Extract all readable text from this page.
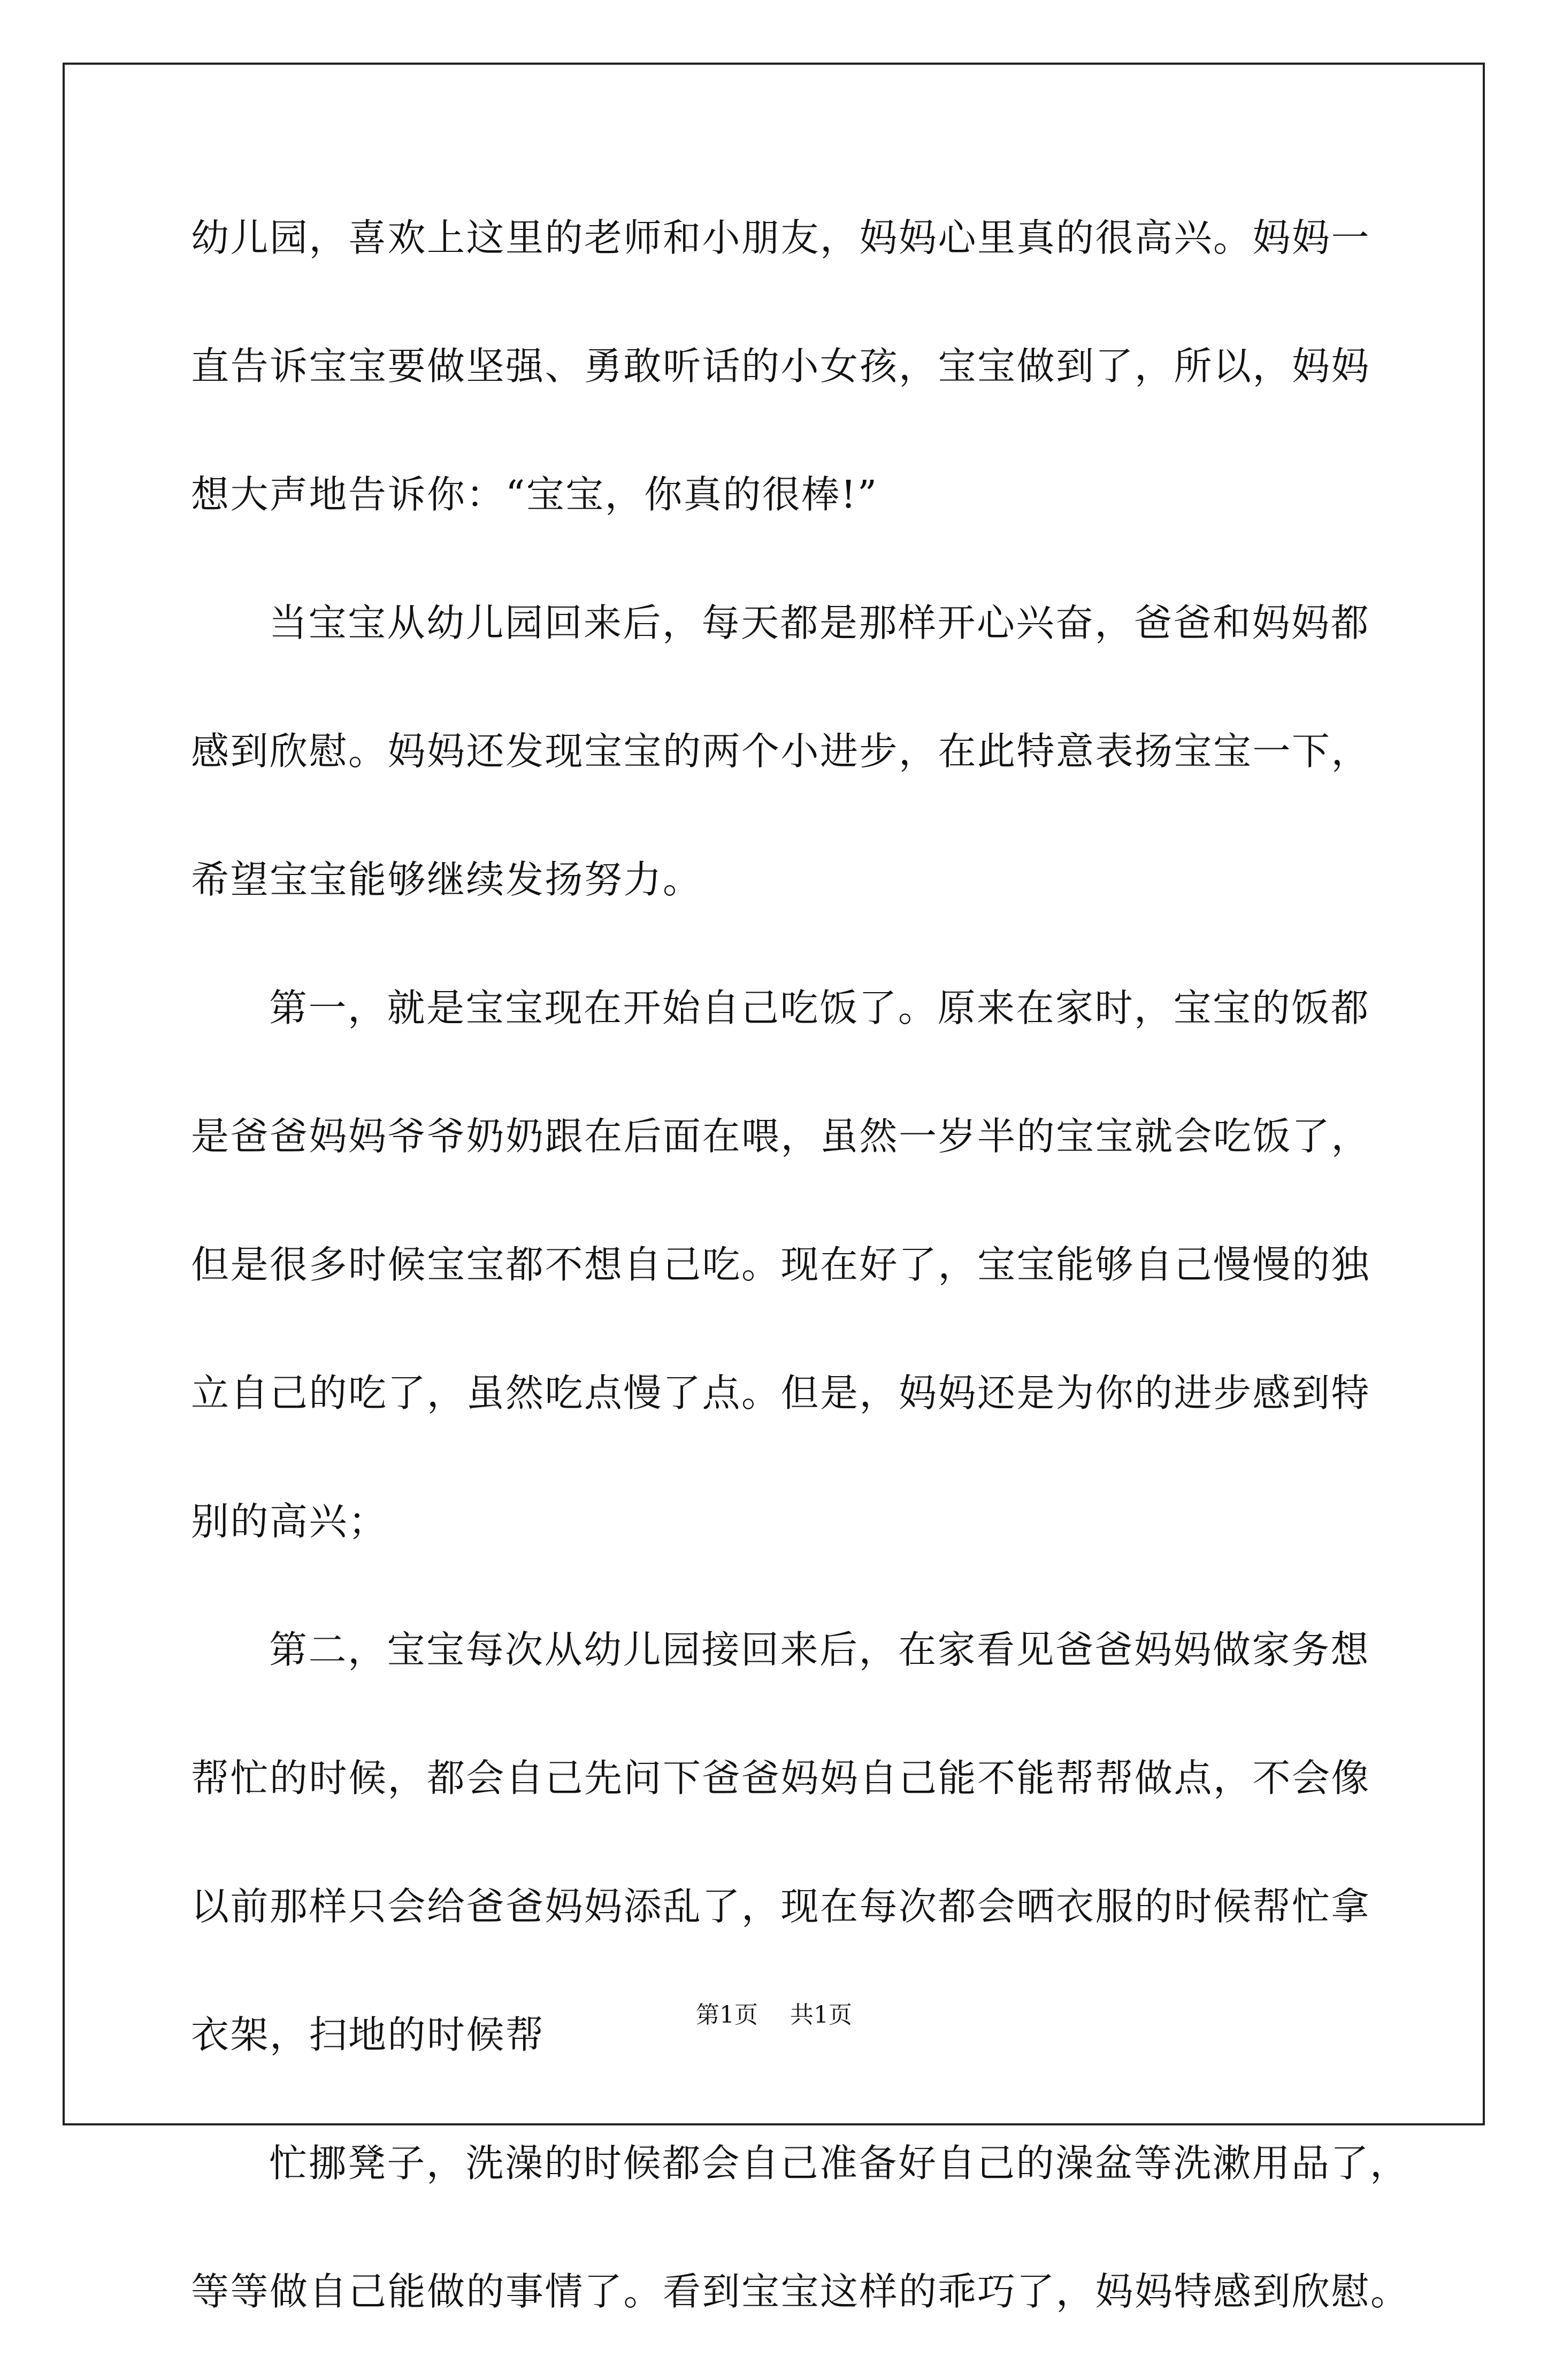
幼儿园，喜欢上这里的老师和小朋友，妈妈心里真的很高兴。妈妈一
直告诉宝宝要做坚强、勇敢听话的小女孩，宝宝做到了，所以，妈妈
想大声地告诉你：“宝宝，你真的很棒!”
当宝宝从幼儿园回来后，每天都是那样开心兴奋，爸爸和妈妈都
感到欣慰。妈妈还发现宝宝的两个小进步，在此特意表扬宝宝一下，
希望宝宝能够继续发扬努力。
第一，就是宝宝现在开始自己吃饭了。原来在家时，宝宝的饭都
是爸爸妈妈爷爷奶奶跟在后面在喂，虽然一岁半的宝宝就会吃饭了，
但是很多时候宝宝都不想自己吃。现在好了，宝宝能够自己慢慢的独
立自己的吃了，虽然吃点慢了点。但是，妈妈还是为你的进步感到特
别的高兴；
第二，宝宝每次从幼儿园接回来后，在家看见爸爸妈妈做家务想
帮忙的时候，都会自己先问下爸爸妈妈自己能不能帮帮做点，不会像
以前那样只会给爸爸妈妈添乱了，现在每次都会晒衣服的时候帮忙拿
衣架，扫地的时候帮
忙挪凳子，洗澡的时候都会自己准备好自己的澡盆等洗漱用品了，
等等做自己能做的事情了。看到宝宝这样的乖巧了，妈妈特感到欣慰。
第1页 共1页
